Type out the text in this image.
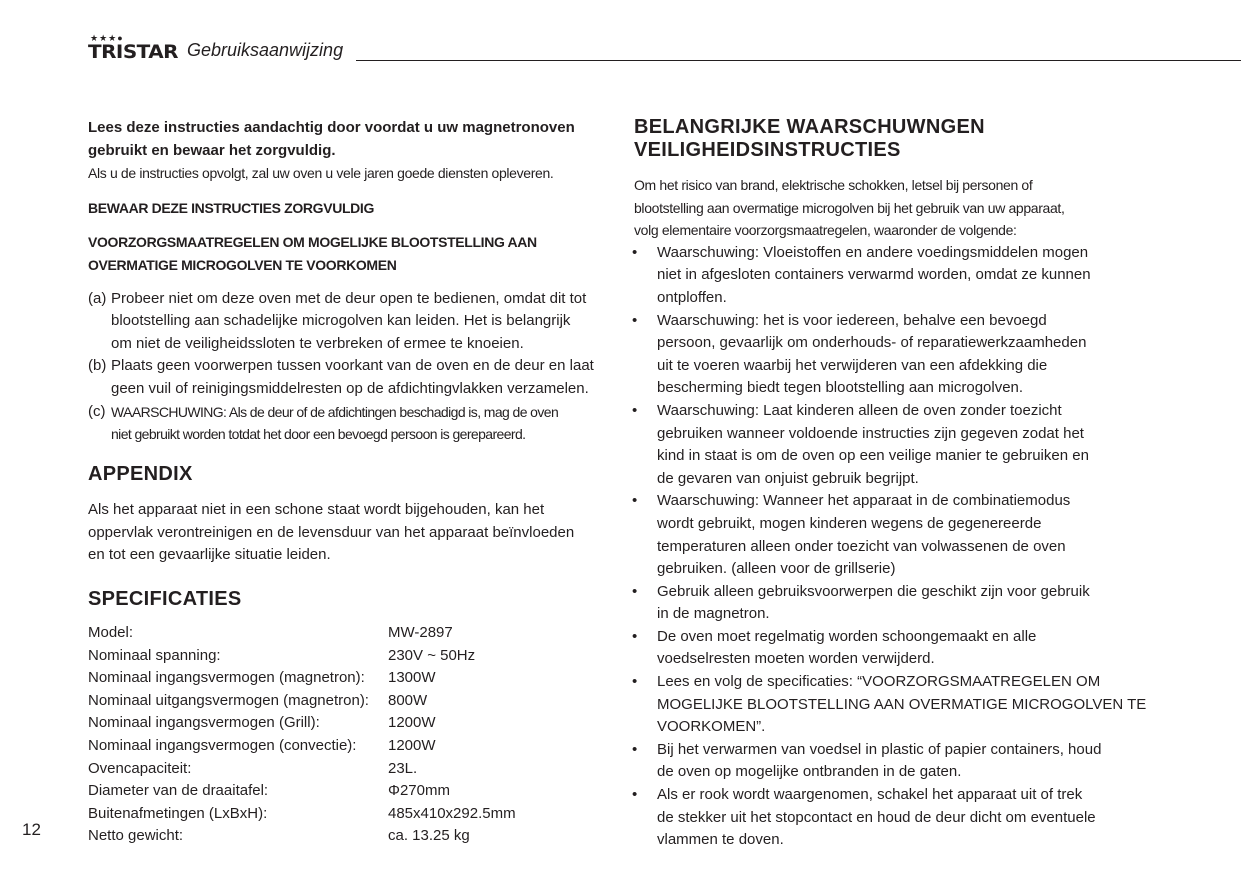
★★★●
TRISTAR Gebruiksaanwijzing
Lees deze instructies aandachtig door voordat u uw magnetronoven
gebruikt en bewaar het zorgvuldig.
Als u de instructies opvolgt, zal uw oven u vele jaren goede diensten opleveren.
BEWAAR DEZE INSTRUCTIES ZORGVULDIG
VOORZORGSMAATREGELEN OM MOGELIJKE BLOOTSTELLING AAN
OVERMATIGE MICROGOLVEN TE VOORKOMEN
(a) Probeer niet om deze oven met de deur open te bedienen, omdat dit tot
blootstelling aan schadelijke microgolven kan leiden. Het is belangrijk
om niet de veiligheidssloten te verbreken of ermee te knoeien.
(b) Plaats geen voorwerpen tussen voorkant van de oven en de deur en laat
geen vuil of reinigingsmiddelresten op de afdichtingvlakken verzamelen.
(c) WAARSCHUWING: Als de deur of de afdichtingen beschadigd is, mag de oven
niet gebruikt worden totdat het door een bevoegd persoon is gerepareerd.
APPENDIX
Als het apparaat niet in een schone staat wordt bijgehouden, kan het
oppervlak verontreinigen en de levensduur van het apparaat beïnvloeden
en tot een gevaarlijke situatie leiden.
SPECIFICATIES
Model:	MW-2897
Nominaal spanning:	230V ~ 50Hz
Nominaal ingangsvermogen (magnetron):	1300W
Nominaal uitgangsvermogen (magnetron):	800W
Nominaal ingangsvermogen (Grill):	1200W
Nominaal ingangsvermogen (convectie):	1200W
Ovencapaciteit:	23L.
Diameter van de draaitafel:	Φ270mm
Buitenafmetingen (LxBxH):	485x410x292.5mm
Netto gewicht:	ca. 13.25 kg
12
BELANGRIJKE WAARSCHUWNGEN
VEILIGHEIDSINSTRUCTIES
Om het risico van brand, elektrische schokken, letsel bij personen of
blootstelling aan overmatige microgolven bij het gebruik van uw apparaat,
volg elementaire voorzorgsmaatregelen, waaronder de volgende:
• Waarschuwing: Vloeistoffen en andere voedingsmiddelen mogen
niet in afgesloten containers verwarmd worden, omdat ze kunnen
ontploffen.
• Waarschuwing: het is voor iedereen, behalve een bevoegd
persoon, gevaarlijk om onderhouds- of reparatiewerkzaamheden
uit te voeren waarbij het verwijderen van een afdekking die
bescherming biedt tegen blootstelling aan microgolven.
• Waarschuwing: Laat kinderen alleen de oven zonder toezicht
gebruiken wanneer voldoende instructies zijn gegeven zodat het
kind in staat is om de oven op een veilige manier te gebruiken en
de gevaren van onjuist gebruik begrijpt.
• Waarschuwing: Wanneer het apparaat in de combinatiemodus
wordt gebruikt, mogen kinderen wegens de gegenereerde
temperaturen alleen onder toezicht van volwassenen de oven
gebruiken. (alleen voor de grillserie)
• Gebruik alleen gebruiksvoorwerpen die geschikt zijn voor gebruik
in de magnetron.
• De oven moet regelmatig worden schoongemaakt en alle
voedselresten moeten worden verwijderd.
• Lees en volg de specificaties: “VOORZORGSMAATREGELEN OM
MOGELIJKE BLOOTSTELLING AAN OVERMATIGE MICROGOLVEN TE
VOORKOMEN”.
• Bij het verwarmen van voedsel in plastic of papier containers, houd
de oven op mogelijke ontbranden in de gaten.
• Als er rook wordt waargenomen, schakel het apparaat uit of trek
de stekker uit het stopcontact en houd de deur dicht om eventuele
vlammen te doven.
